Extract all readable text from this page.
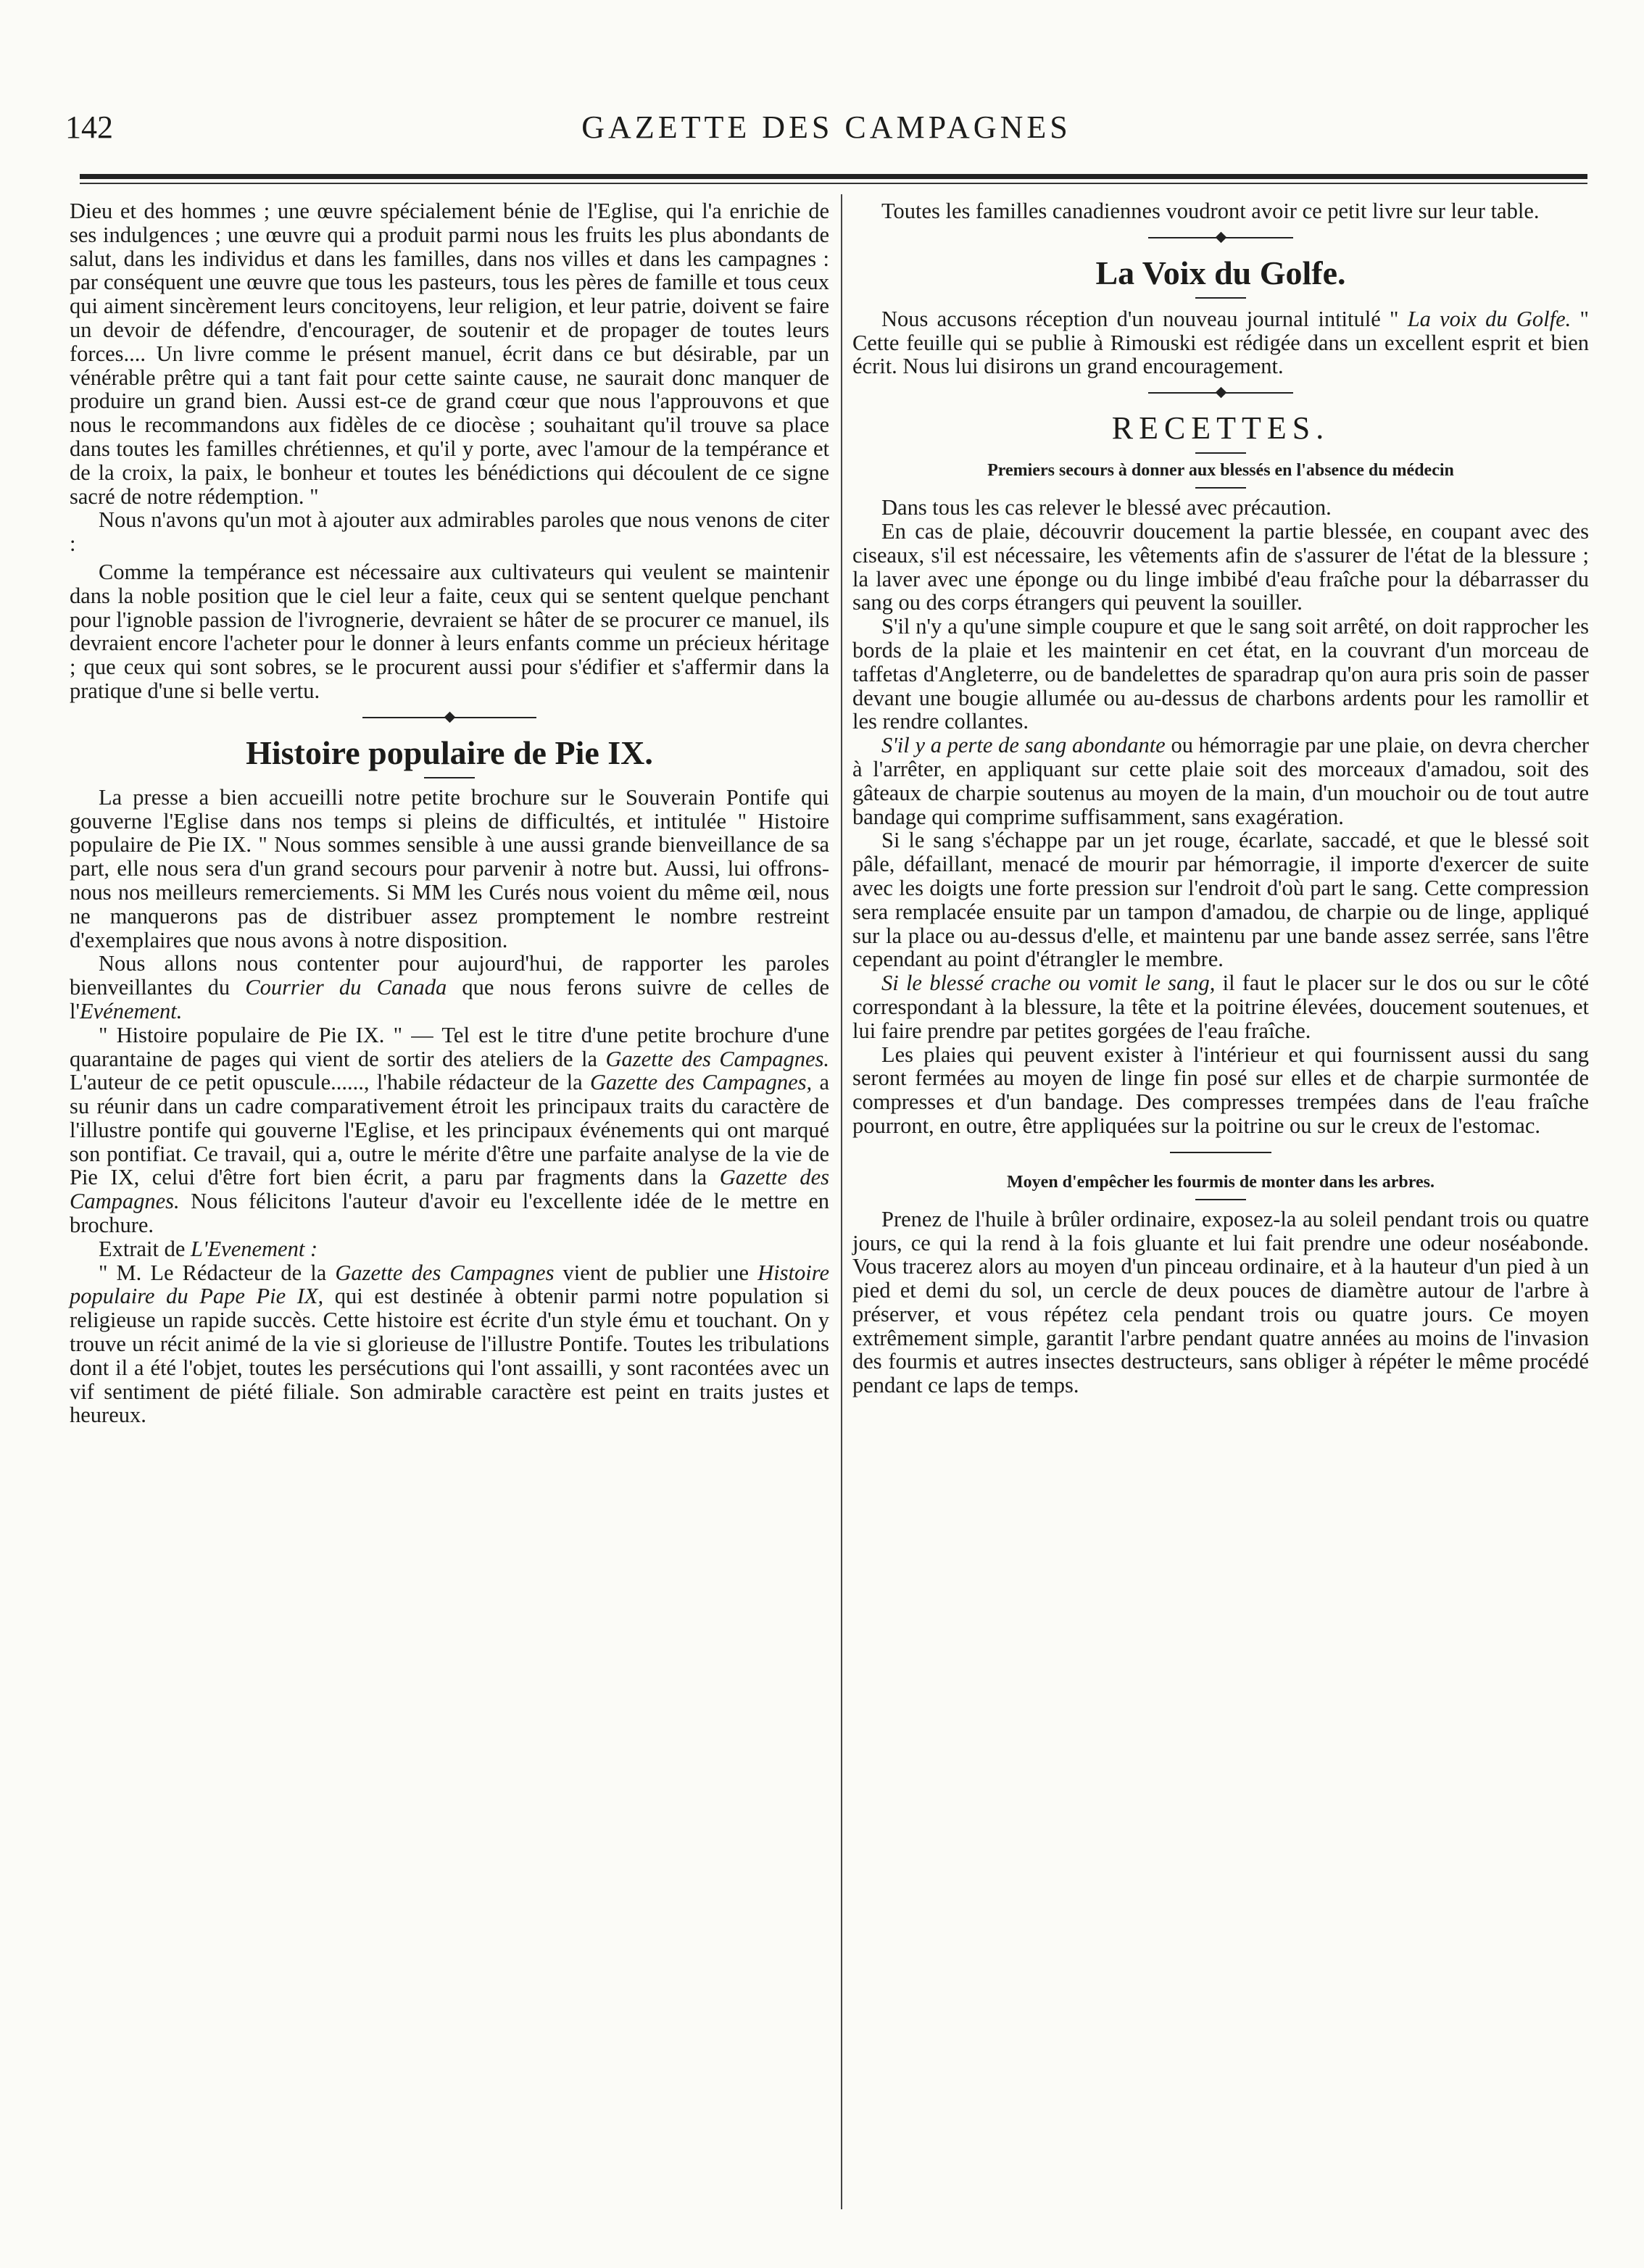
142	GAZETTE DES CAMPAGNES

Dieu et des hommes ; une œuvre spécialement bénie de l'Eglise, qui l'a enrichie de ses indulgences ; une œuvre qui a produit parmi nous les fruits les plus abondants de salut, dans les individus et dans les familles, dans nos villes et dans les campagnes : par conséquent une œuvre que tous les pasteurs, tous les pères de famille et tous ceux qui aiment sincèrement leurs concitoyens, leur religion, et leur patrie, doivent se faire un devoir de défendre, d'encourager, de soutenir et de propager de toutes leurs forces.... Un livre comme le présent manuel, écrit dans ce but désirable, par un vénérable prêtre qui a tant fait pour cette sainte cause, ne saurait donc manquer de produire un grand bien. Aussi est-ce de grand cœur que nous l'approuvons et que nous le recommandons aux fidèles de ce diocèse ; souhaitant qu'il trouve sa place dans toutes les familles chrétiennes, et qu'il y porte, avec l'amour de la tempérance et de la croix, la paix, le bonheur et toutes les bénédictions qui découlent de ce signe sacré de notre rédemption. "

Nous n'avons qu'un mot à ajouter aux admirables paroles que nous venons de citer :

Comme la tempérance est nécessaire aux cultivateurs qui veulent se maintenir dans la noble position que le ciel leur a faite, ceux qui se sentent quelque penchant pour l'ignoble passion de l'ivrognerie, devraient se hâter de se procurer ce manuel, ils devraient encore l'acheter pour le donner à leurs enfants comme un précieux héritage ; que ceux qui sont sobres, se le procurent aussi pour s'édifier et s'affermir dans la pratique d'une si belle vertu.

Histoire populaire de Pie IX.

La presse a bien accueilli notre petite brochure sur le Souverain Pontife qui gouverne l'Eglise dans nos temps si pleins de difficultés, et intitulée " Histoire populaire de Pie IX. " Nous sommes sensible à une aussi grande bienveillance de sa part, elle nous sera d'un grand secours pour parvenir à notre but. Aussi, lui offrons-nous nos meilleurs remerciements. Si MM les Curés nous voient du même œil, nous ne manquerons pas de distribuer assez promptement le nombre restreint d'exemplaires que nous avons à notre disposition.

Nous allons nous contenter pour aujourd'hui, de rapporter les paroles bienveillantes du Courrier du Canada que nous ferons suivre de celles de l'Evénement.

" Histoire populaire de Pie IX. " — Tel est le titre d'une petite brochure d'une quarantaine de pages qui vient de sortir des ateliers de la Gazette des Campagnes. L'auteur de ce petit opuscule......, l'habile rédacteur de la Gazette des Campagnes, a su réunir dans un cadre comparativement étroit les principaux traits du caractère de l'illustre pontife qui gouverne l'Eglise, et les principaux événements qui ont marqué son pontifiat. Ce travail, qui a, outre le mérite d'être une parfaite analyse de la vie de Pie IX, celui d'être fort bien écrit, a paru par fragments dans la Gazette des Campagnes. Nous félicitons l'auteur d'avoir eu l'excellente idée de le mettre en brochure.

Extrait de L'Evenement :

" M. Le Rédacteur de la Gazette des Campagnes vient de publier une Histoire populaire du Pape Pie IX, qui est destinée à obtenir parmi notre population si religieuse un rapide succès. Cette histoire est écrite d'un style ému et touchant. On y trouve un récit animé de la vie si glorieuse de l'illustre Pontife. Toutes les tribulations dont il a été l'objet, toutes les persécutions qui l'ont assailli, y sont racontées avec un vif sentiment de piété filiale. Son admirable caractère est peint en traits justes et heureux.

Toutes les familles canadiennes voudront avoir ce petit livre sur leur table.

La Voix du Golfe.

Nous accusons réception d'un nouveau journal intitulé " La voix du Golfe. " Cette feuille qui se publie à Rimouski est rédigée dans un excellent esprit et bien écrit. Nous lui disirons un grand encouragement.

RECETTES.
Premiers secours à donner aux blessés en l'absence du médecin

Dans tous les cas relever le blessé avec précaution.

En cas de plaie, découvrir doucement la partie blessée, en coupant avec des ciseaux, s'il est nécessaire, les vêtements afin de s'assurer de l'état de la blessure ; la laver avec une éponge ou du linge imbibé d'eau fraîche pour la débarrasser du sang ou des corps étrangers qui peuvent la souiller.

S'il n'y a qu'une simple coupure et que le sang soit arrêté, on doit rapprocher les bords de la plaie et les maintenir en cet état, en la couvrant d'un morceau de taffetas d'Angleterre, ou de bandelettes de sparadrap qu'on aura pris soin de passer devant une bougie allumée ou au-dessus de charbons ardents pour les ramollir et les rendre collantes.

S'il y a perte de sang abondante ou hémorragie par une plaie, on devra chercher à l'arrêter, en appliquant sur cette plaie soit des morceaux d'amadou, soit des gâteaux de charpie soutenus au moyen de la main, d'un mouchoir ou de tout autre bandage qui comprime suffisamment, sans exagération.

Si le sang s'échappe par un jet rouge, écarlate, saccadé, et que le blessé soit pâle, défaillant, menacé de mourir par hémorragie, il importe d'exercer de suite avec les doigts une forte pression sur l'endroit d'où part le sang. Cette compression sera remplacée ensuite par un tampon d'amadou, de charpie ou de linge, appliqué sur la place ou au-dessus d'elle, et maintenu par une bande assez serrée, sans l'être cependant au point d'étrangler le membre.

Si le blessé crache ou vomit le sang, il faut le placer sur le dos ou sur le côté correspondant à la blessure, la tête et la poitrine élevées, doucement soutenues, et lui faire prendre par petites gorgées de l'eau fraîche.

Les plaies qui peuvent exister à l'intérieur et qui fournissent aussi du sang seront fermées au moyen de linge fin posé sur elles et de charpie surmontée de compresses et d'un bandage. Des compresses trempées dans de l'eau fraîche pourront, en outre, être appliquées sur la poitrine ou sur le creux de l'estomac.

Moyen d'empêcher les fourmis de monter dans les arbres.

Prenez de l'huile à brûler ordinaire, exposez-la au soleil pendant trois ou quatre jours, ce qui la rend à la fois gluante et lui fait prendre une odeur noséabonde. Vous tracerez alors au moyen d'un pinceau ordinaire, et à la hauteur d'un pied à un pied et demi du sol, un cercle de deux pouces de diamètre autour de l'arbre à préserver, et vous répétez cela pendant trois ou quatre jours. Ce moyen extrêmement simple, garantit l'arbre pendant quatre années au moins de l'invasion des fourmis et autres insectes destructeurs, sans obliger à répéter le même procédé pendant ce laps de temps.
